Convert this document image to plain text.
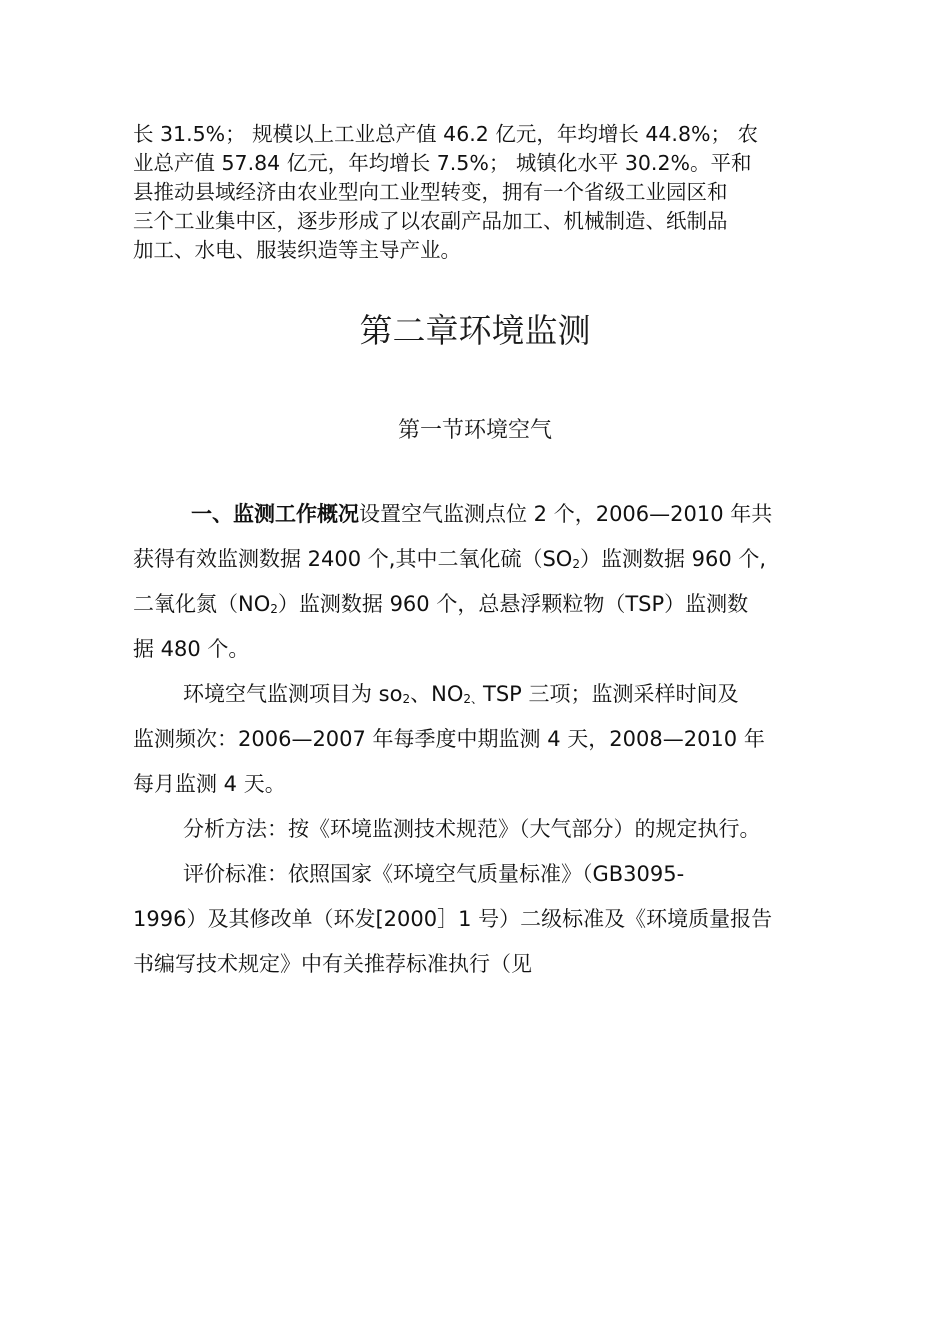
长 31.5%； 规模以上工业总产值 46.2 亿元，年均增长 44.8%； 农
业总产值 57.84 亿元，年均增长 7.5%； 城镇化水平 30.2%。平和
县推动县域经济由农业型向工业型转变，拥有一个省级工业园区和
三个工业集中区，逐步形成了以农副产品加工、机械制造、纸制品
加工、水电、服装织造等主导产业。
第二章环境监测
第一节环境空气
一、监测工作概况设置空气监测点位 2 个，2006—2010 年共
获得有效监测数据 2400 个,其中二氧化硫$(SO_2)$监测数据 960 个,
二氧化氮$(NO_2)$监测数据 960 个，总悬浮颗粒物（TSP）监测数
据 480 个。
环境空气监测项目为 $so_2$、$NO_{2、}TSP$ 三项；监测采样时间及
监测频次：2006—2007 年每季度中期监测 4 天，2008—2010 年
每月监测 4 天。
分析方法：按《环境监测技术规范》（大气部分）的规定执行。
评价标准：依照国家《环境空气质量标准》（GB3095-
1996）及其修改单（环发[2000］1 号）二级标准及《环境质量报告
书编写技术规定》中有关推荐标准执行（见
